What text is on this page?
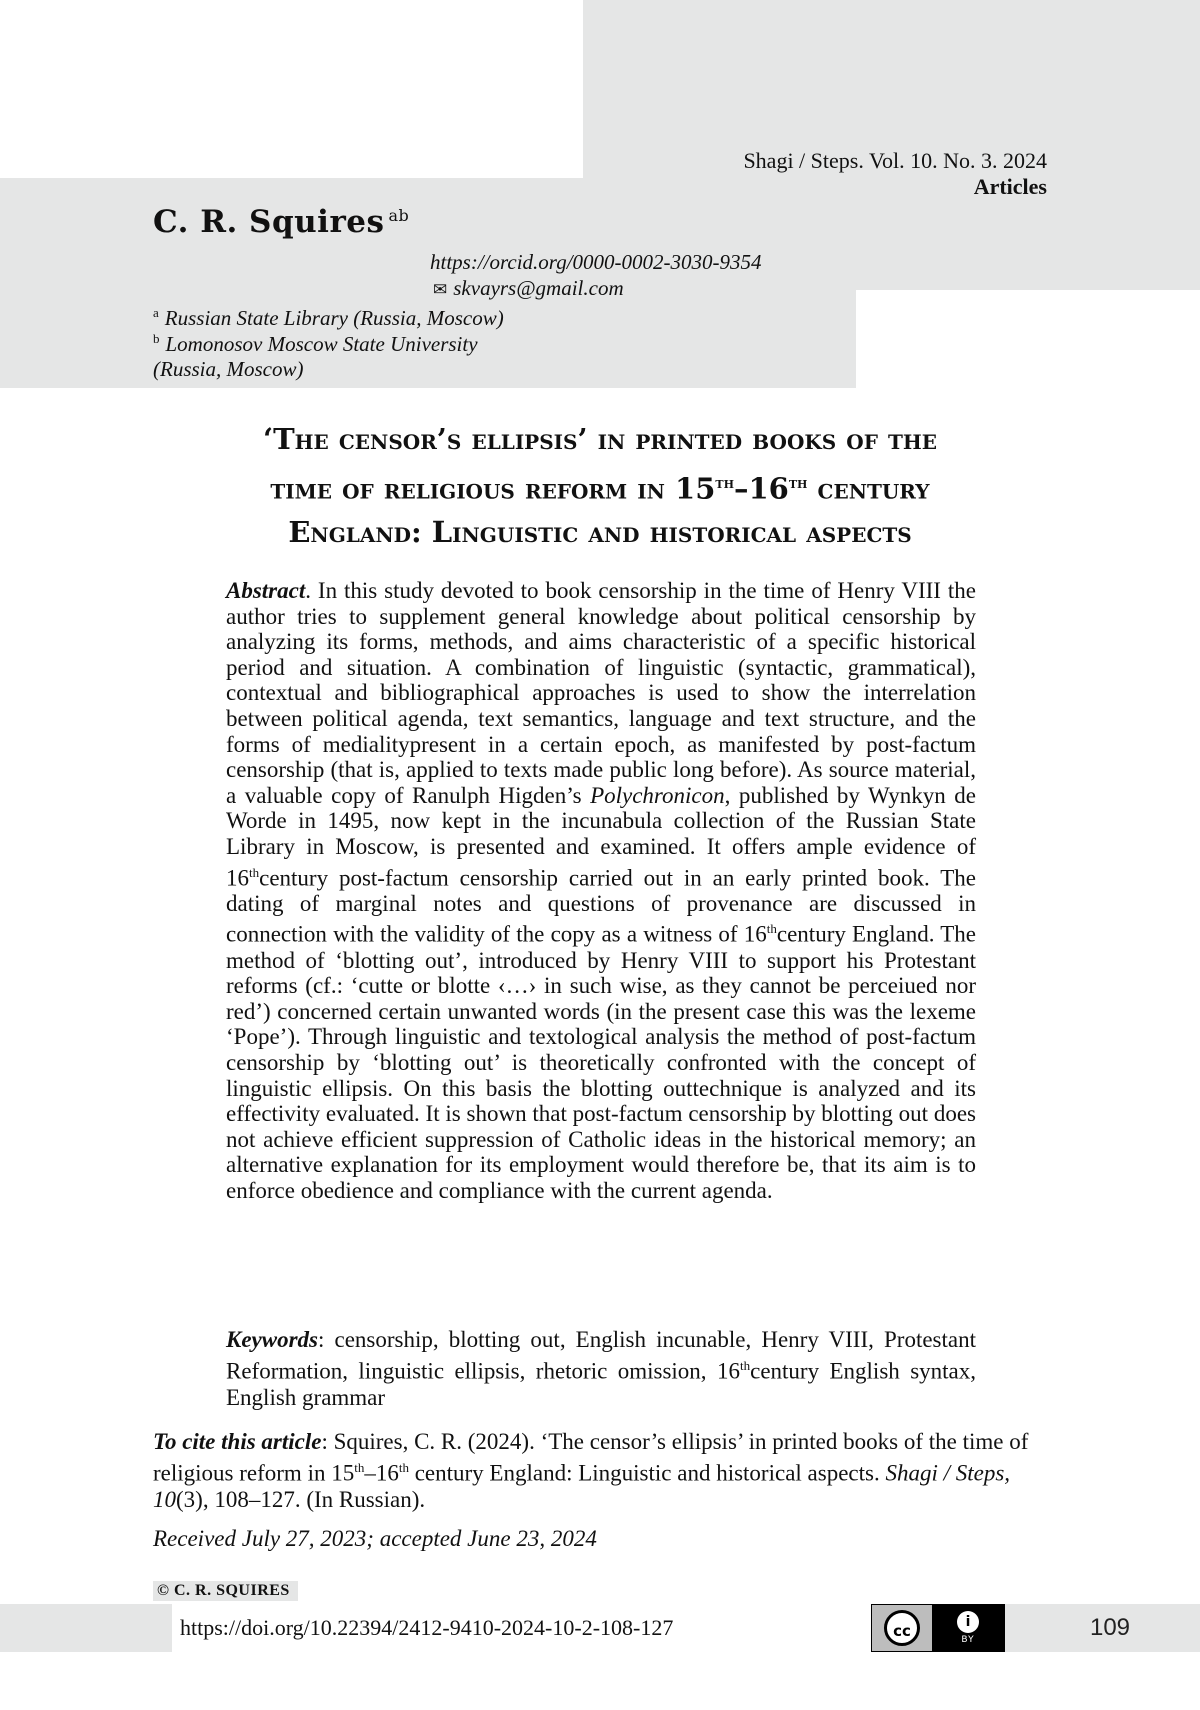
Shagi / Steps. Vol. 10. No. 3. 2024
Articles
C. R. Squires ab
https://orcid.org/0000-0002-3030-9354
✉ skvayrs@gmail.com
a Russian State Library (Russia, Moscow)
b Lomonosov Moscow State University
(Russia, Moscow)
‘The censor’s ellipsis’ in printed books of the
time of religious reform in 15th–16th century
England: Linguistic and historical aspects
Abstract. In this study devoted to book censorship in the time of Henry VIII the author tries to supplement general knowledge about political censorship by analyzing its forms, methods, and aims characteristic of a specific historical period and situation. A combination of linguistic (syntactic, grammatical), contextual and bibliographical approaches is used to show the interrelation between political agenda, text semantics, language and text structure, and the forms of medialitypresent in a certain epoch, as manifested by post-factum censorship (that is, applied to texts made public long before). As source material, a valuable copy of Ranulph Higden’s Polychronicon, published by Wynkyn de Worde in 1495, now kept in the incunabula collection of the Russian State Library in Moscow, is presented and examined. It offers ample evidence of 16thcentury post-factum censorship carried out in an early printed book. The dating of marginal notes and questions of provenance are discussed in connection with the validity of the copy as a witness of 16thcentury England. The method of ‘blotting out’, introduced by Henry VIII to support his Protestant reforms (cf.: ‘cutte or blotte ‹…› in such wise, as they cannot be perceiued nor red’) concerned certain unwanted words (in the present case this was the lexeme ‘Pope’). Through linguistic and textological analysis the method of post-factum censorship by ‘blotting out’ is theoretically confronted with the concept of linguistic ellipsis. On this basis the blotting outtechnique is analyzed and its effectivity evaluated. It is shown that post-factum censorship by blotting out does not achieve efficient suppression of Catholic ideas in the historical memory; an alternative explanation for its employment would therefore be, that its aim is to enforce obedience and compliance with the current agenda.
Keywords: censorship, blotting out, English incunable, Henry VIII, Protestant Reformation, linguistic ellipsis, rhetoric omission, 16thcentury English syntax, English grammar
To cite this article: Squires, C. R. (2024). ‘The censor’s ellipsis’ in printed books of the time of religious reform in 15th–16th century England: Linguistic and historical aspects. Shagi / Steps, 10(3), 108–127. (In Russian).
Received July 27, 2023; accepted June 23, 2024
© C. R. SQUIRES
https://doi.org/10.22394/2412-9410-2024-10-2-108-127	cc	i
BY	109
